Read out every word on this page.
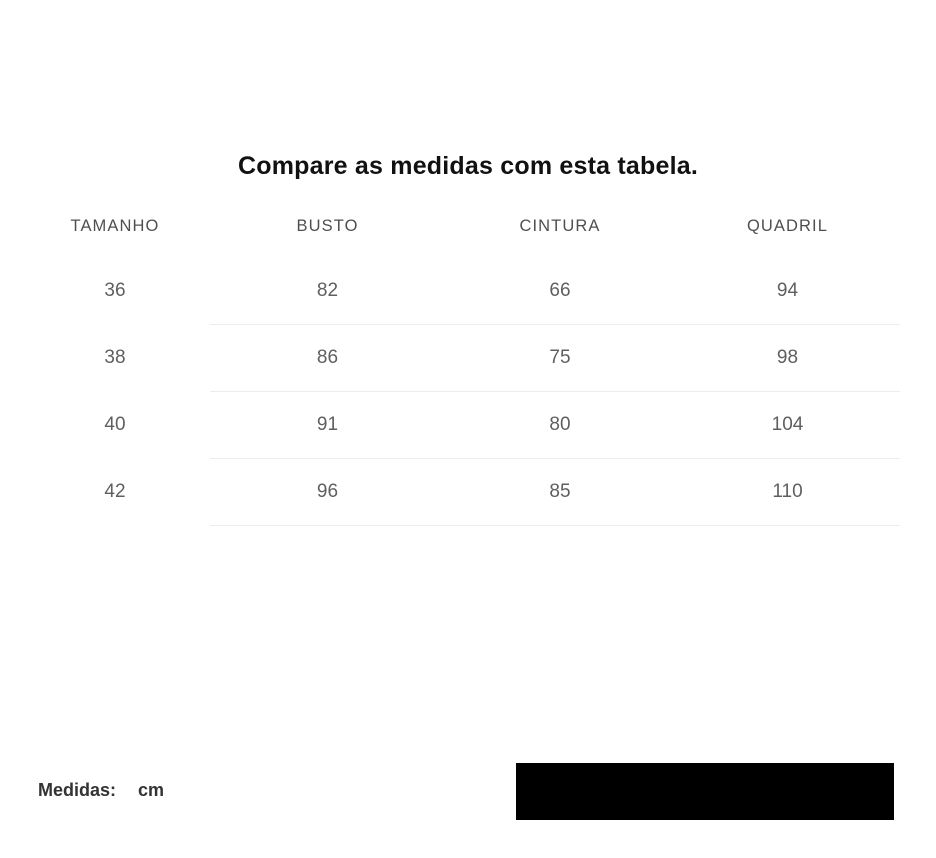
Compare as medidas com esta tabela.
TAMANHO	BUSTO	CINTURA	QUADRIL
36	82	66	94
38	86	75	98
40	91	80	104
42	96	85	110
Medidas: cm
